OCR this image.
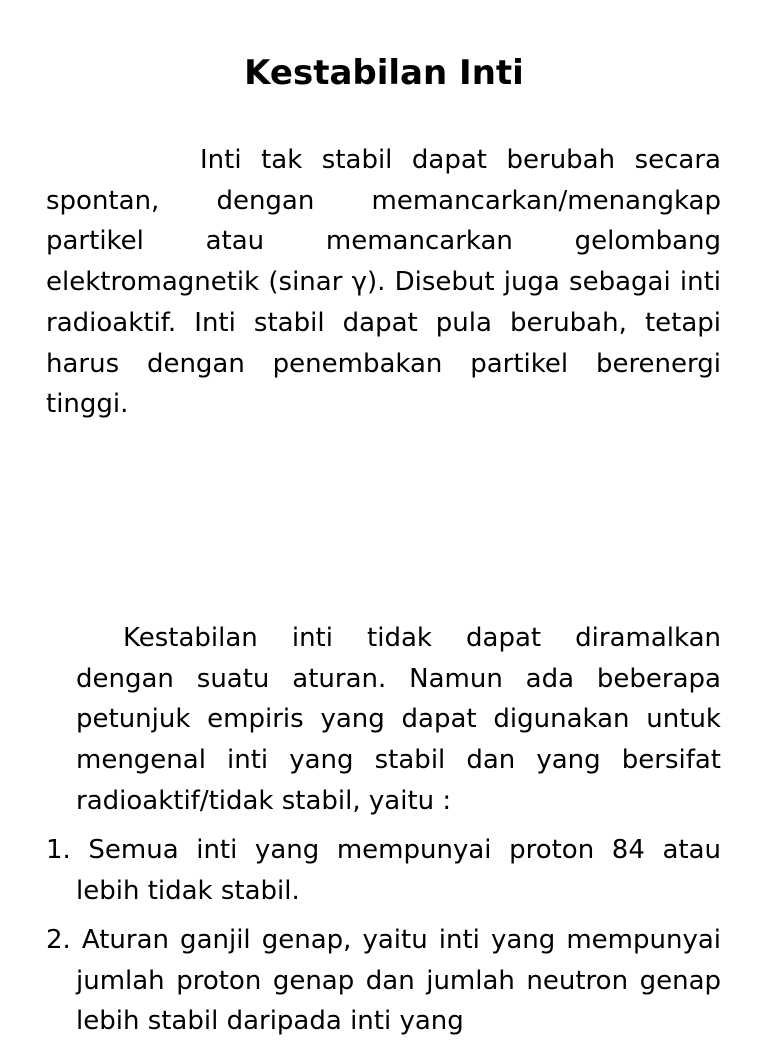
Kestabilan Inti

Inti tak stabil dapat berubah secara spontan, dengan memancarkan/menangkap partikel atau memancarkan gelombang elektromagnetik (sinar γ). Disebut juga sebagai inti radioaktif. Inti stabil dapat pula berubah, tetapi harus dengan penembakan partikel berenergi tinggi.

Kestabilan inti tidak dapat diramalkan dengan suatu aturan. Namun ada beberapa petunjuk empiris yang dapat digunakan untuk mengenal inti yang stabil dan yang bersifat radioaktif/tidak stabil, yaitu :

1. Semua inti yang mempunyai proton 84 atau lebih tidak stabil.

2. Aturan ganjil genap, yaitu inti yang mempunyai jumlah proton genap dan jumlah neutron genap lebih stabil daripada inti yang
